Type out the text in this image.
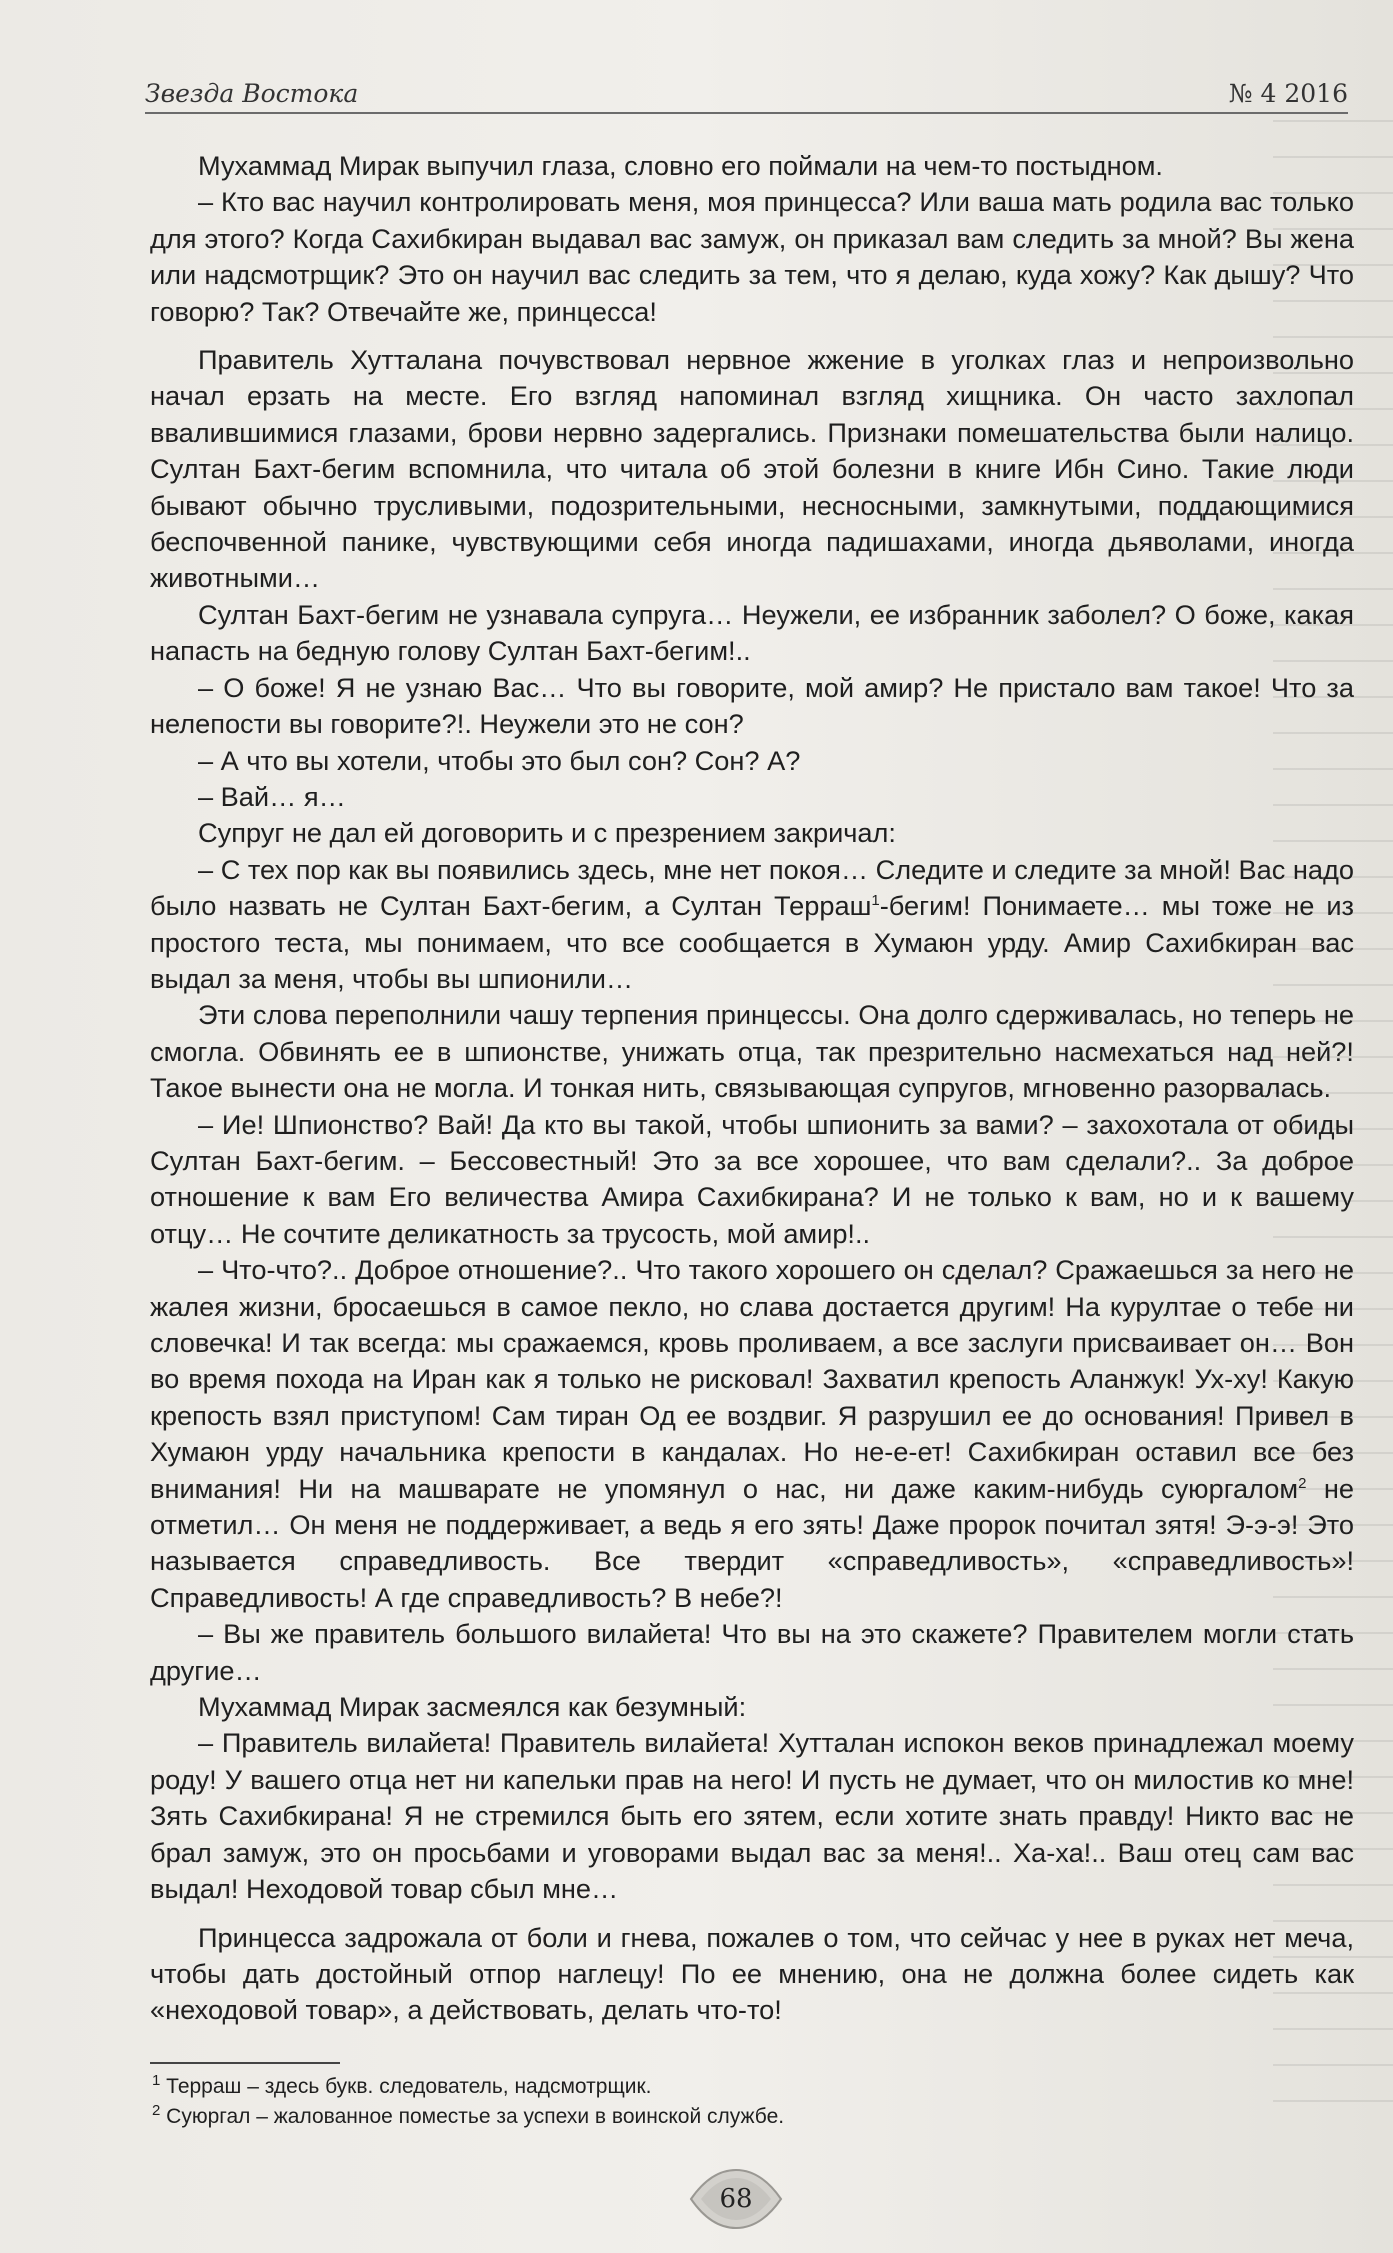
Звезда Востока	№ 4 2016

Мухаммад Мирак выпучил глаза, словно его поймали на чем-то постыдном.

– Кто вас научил контролировать меня, моя принцесса? Или ваша мать родила вас только для этого? Когда Сахибкиран выдавал вас замуж, он приказал вам следить за мной? Вы жена или надсмотрщик? Это он научил вас следить за тем, что я делаю, куда хожу? Как дышу? Что говорю? Так? Отвечайте же, принцесса!

Правитель Хутталана почувствовал нервное жжение в уголках глаз и непроизвольно начал ерзать на месте. Его взгляд напоминал взгляд хищника. Он часто захлопал ввалившимися глазами, брови нервно задергались. Признаки помешательства были налицо. Султан Бахт-бегим вспомнила, что читала об этой болезни в книге Ибн Сино. Такие люди бывают обычно трусливыми, подозрительными, несносными, замкнутыми, поддающимися беспочвенной панике, чувствующими себя иногда падишахами, иногда дьяволами, иногда животными…

Султан Бахт-бегим не узнавала супруга… Неужели, ее избранник заболел? О боже, какая напасть на бедную голову Султан Бахт-бегим!..

– О боже! Я не узнаю Вас… Что вы говорите, мой амир? Не пристало вам такое! Что за нелепости вы говорите?!. Неужели это не сон?

– А что вы хотели, чтобы это был сон? Сон? А?

– Вай… я…

Супруг не дал ей договорить и с презрением закричал:

– С тех пор как вы появились здесь, мне нет покоя… Следите и следите за мной! Вас надо было назвать не Султан Бахт-бегим, а Султан Терраш$^1$-бегим! Понимаете… мы тоже не из простого теста, мы понимаем, что все сообщается в Хумаюн урду. Амир Сахибкиран вас выдал за меня, чтобы вы шпионили…

Эти слова переполнили чашу терпения принцессы. Она долго сдерживалась, но теперь не смогла. Обвинять ее в шпионстве, унижать отца, так презрительно насмехаться над ней?! Такое вынести она не могла. И тонкая нить, связывающая супругов, мгновенно разорвалась.

– Ие! Шпионство? Вай! Да кто вы такой, чтобы шпионить за вами? – захохотала от обиды Султан Бахт-бегим. – Бессовестный! Это за все хорошее, что вам сделали?.. За доброе отношение к вам Его величества Амира Сахибкирана? И не только к вам, но и к вашему отцу… Не сочтите деликатность за трусость, мой амир!..

– Что-что?.. Доброе отношение?.. Что такого хорошего он сделал? Сражаешься за него не жалея жизни, бросаешься в самое пекло, но слава достается другим! На курултае о тебе ни словечка! И так всегда: мы сражаемся, кровь проливаем, а все заслуги присваивает он… Вон во время похода на Иран как я только не рисковал! Захватил крепость Аланжук! Ух-ху! Какую крепость взял приступом! Сам тиран Од ее воздвиг. Я разрушил ее до основания! Привел в Хумаюн урду начальника крепости в кандалах. Но не-е-ет! Сахибкиран оставил все без внимания! Ни на машварате не упомянул о нас, ни даже каким-нибудь суюргалом$^2$ не отметил… Он меня не поддерживает, а ведь я его зять! Даже пророк почитал зятя! Э-э-э! Это называется справедливость. Все твердит «справедливость», «справедливость»! Справедливость! А где справедливость? В небе?!

– Вы же правитель большого вилайета! Что вы на это скажете? Правителем могли стать другие…

Мухаммад Мирак засмеялся как безумный:

– Правитель вилайета! Правитель вилайета! Хутталан испокон веков принадлежал моему роду! У вашего отца нет ни капельки прав на него! И пусть не думает, что он милостив ко мне! Зять Сахибкирана! Я не стремился быть его зятем, если хотите знать правду! Никто вас не брал замуж, это он просьбами и уговорами выдал вас за меня!.. Ха-ха!.. Ваш отец сам вас выдал! Неходовой товар сбыл мне…

Принцесса задрожала от боли и гнева, пожалев о том, что сейчас у нее в руках нет меча, чтобы дать достойный отпор наглецу! По ее мнению, она не должна более сидеть как «неходовой товар», а действовать, делать что-то!

$^1$ Терраш – здесь букв. следователь, надсмотрщик.
$^2$ Суюргал – жалованное поместье за успехи в воинской службе.
68
